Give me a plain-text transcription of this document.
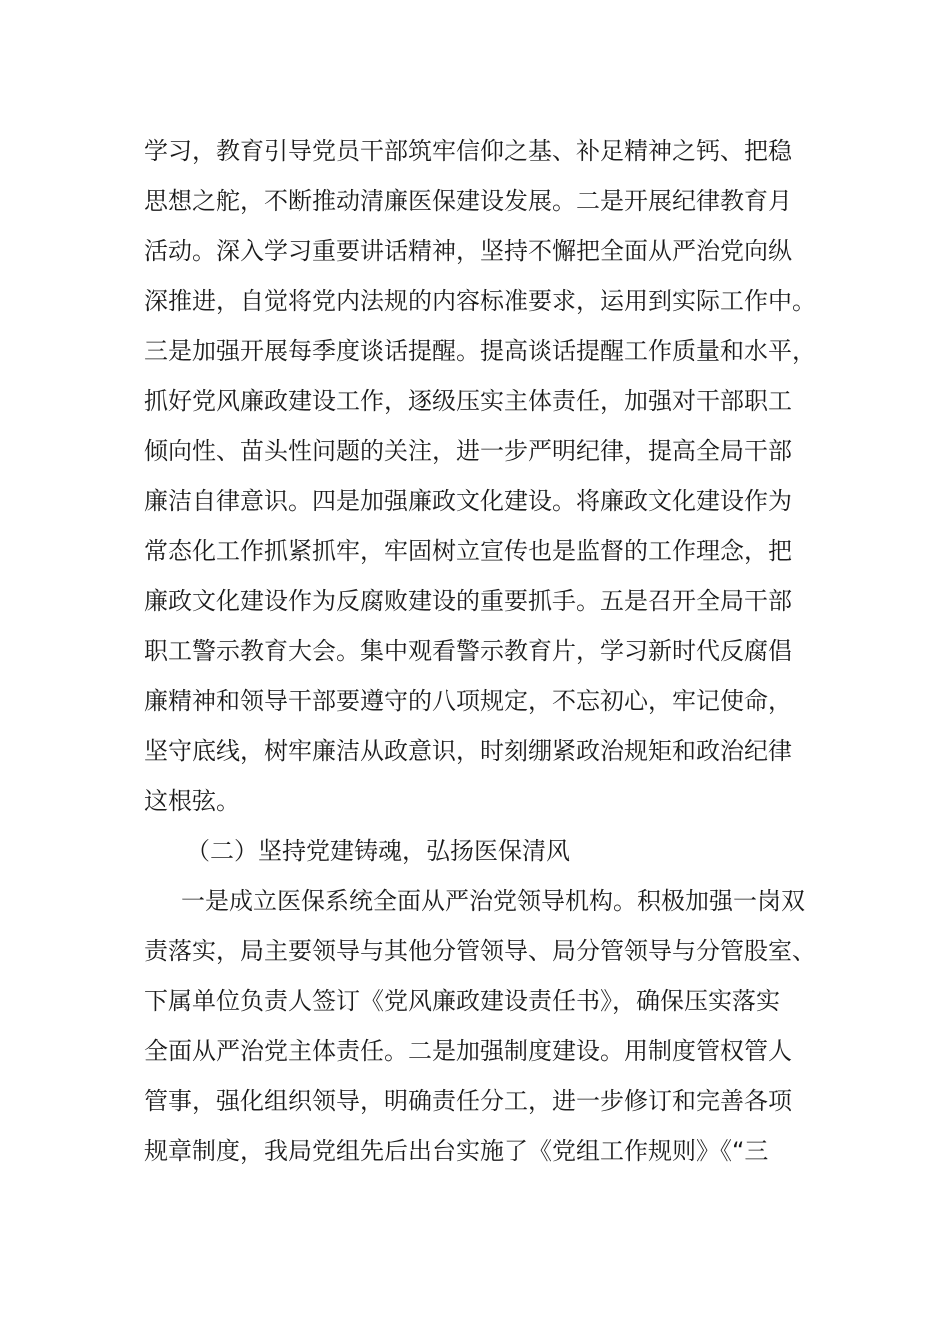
学习，教育引导党员干部筑牢信仰之基、补足精神之钙、把稳
思想之舵，不断推动清廉医保建设发展。二是开展纪律教育月
活动。深入学习重要讲话精神，坚持不懈把全面从严治党向纵
深推进，自觉将党内法规的内容标准要求，运用到实际工作中。
三是加强开展每季度谈话提醒。提高谈话提醒工作质量和水平，
抓好党风廉政建设工作，逐级压实主体责任，加强对干部职工
倾向性、苗头性问题的关注，进一步严明纪律，提高全局干部
廉洁自律意识。四是加强廉政文化建设。将廉政文化建设作为
常态化工作抓紧抓牢，牢固树立宣传也是监督的工作理念，把
廉政文化建设作为反腐败建设的重要抓手。五是召开全局干部
职工警示教育大会。集中观看警示教育片，学习新时代反腐倡
廉精神和领导干部要遵守的八项规定，不忘初心，牢记使命，
坚守底线，树牢廉洁从政意识，时刻绷紧政治规矩和政治纪律
这根弦。
（二）坚持党建铸魂，弘扬医保清风
一是成立医保系统全面从严治党领导机构。积极加强一岗双
责落实，局主要领导与其他分管领导、局分管领导与分管股室、
下属单位负责人签订《党风廉政建设责任书》，确保压实落实
全面从严治党主体责任。二是加强制度建设。用制度管权管人
管事，强化组织领导，明确责任分工，进一步修订和完善各项
规章制度，我局党组先后出台实施了《党组工作规则》《“三
